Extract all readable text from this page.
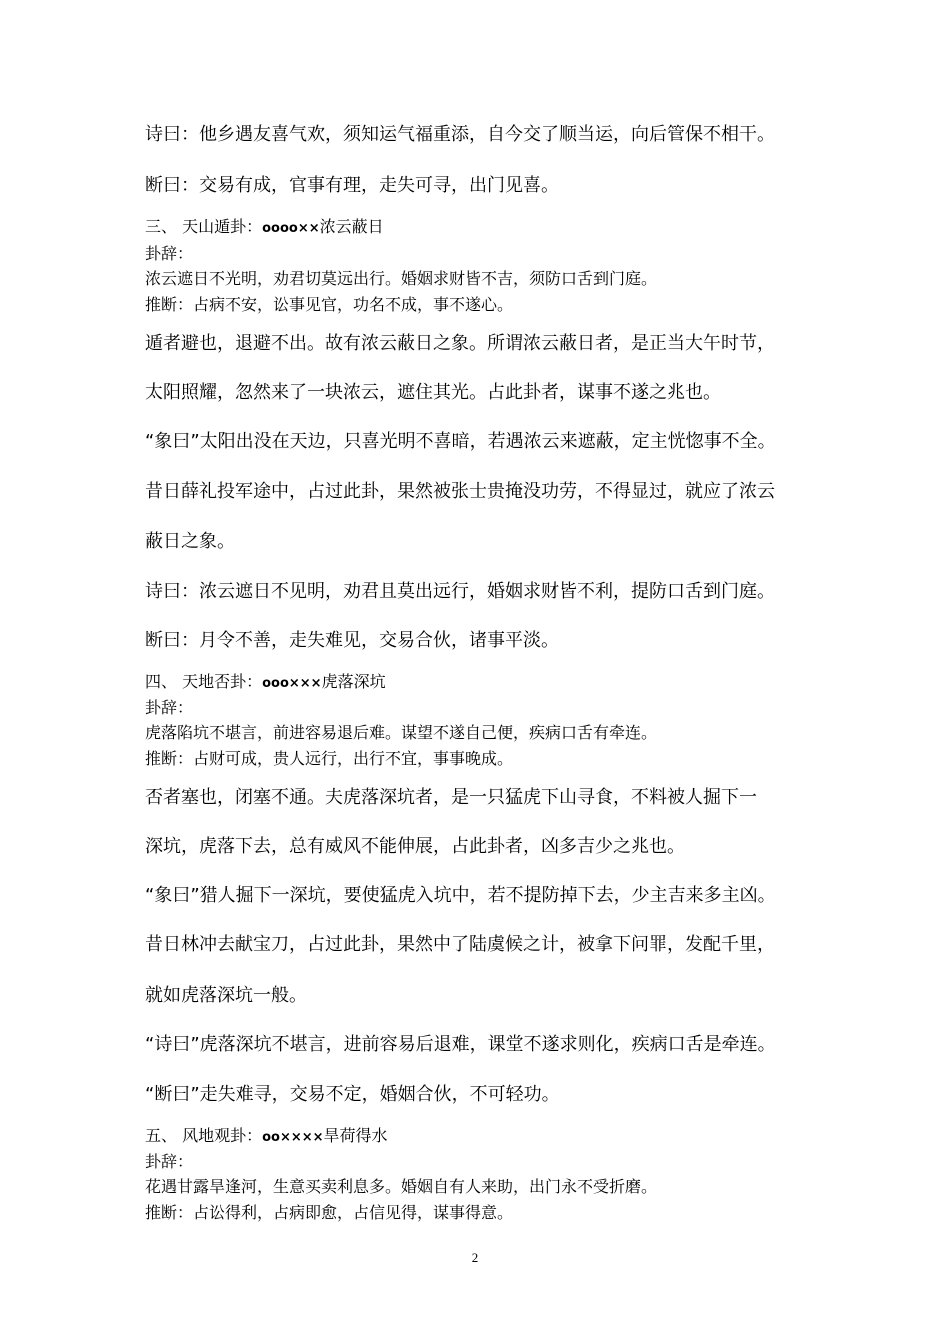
诗曰：他乡遇友喜气欢，须知运气福重添，自今交了顺当运，向后管保不相干。
断曰：交易有成，官事有理，走失可寻，出门见喜。
三、 天山遁卦：oooo××浓云蔽日
卦辞：
浓云遮日不光明，劝君切莫远出行。婚姻求财皆不吉，须防口舌到门庭。
推断：占病不安，讼事见官，功名不成，事不遂心。
遁者避也，退避不出。故有浓云蔽日之象。所谓浓云蔽日者，是正当大午时节，
太阳照耀，忽然来了一块浓云，遮住其光。占此卦者，谋事不遂之兆也。
“象曰”太阳出没在天边，只喜光明不喜暗，若遇浓云来遮蔽，定主恍惚事不全。
昔日薛礼投军途中，占过此卦，果然被张士贵掩没功劳，不得显过，就应了浓云
蔽日之象。
诗曰：浓云遮日不见明，劝君且莫出远行，婚姻求财皆不利，提防口舌到门庭。
断曰：月令不善，走失难见，交易合伙，诸事平淡。
四、 天地否卦：ooo×××虎落深坑
卦辞：
虎落陷坑不堪言，前进容易退后难。谋望不遂自己便，疾病口舌有牵连。
推断：占财可成，贵人远行，出行不宜，事事晚成。
否者塞也，闭塞不通。夫虎落深坑者，是一只猛虎下山寻食，不料被人掘下一
深坑，虎落下去，总有威风不能伸展，占此卦者，凶多吉少之兆也。
“象曰”猎人掘下一深坑，要使猛虎入坑中，若不提防掉下去，少主吉来多主凶。
昔日林冲去献宝刀，占过此卦，果然中了陆虞候之计，被拿下问罪，发配千里，
就如虎落深坑一般。
“诗曰”虎落深坑不堪言，进前容易后退难，课堂不遂求则化，疾病口舌是牵连。
“断曰”走失难寻，交易不定，婚姻合伙，不可轻功。
五、 风地观卦：oo××××旱荷得水
卦辞：
花遇甘露旱逢河，生意买卖利息多。婚姻自有人来助，出门永不受折磨。
推断：占讼得利，占病即愈，占信见得，谋事得意。
2
